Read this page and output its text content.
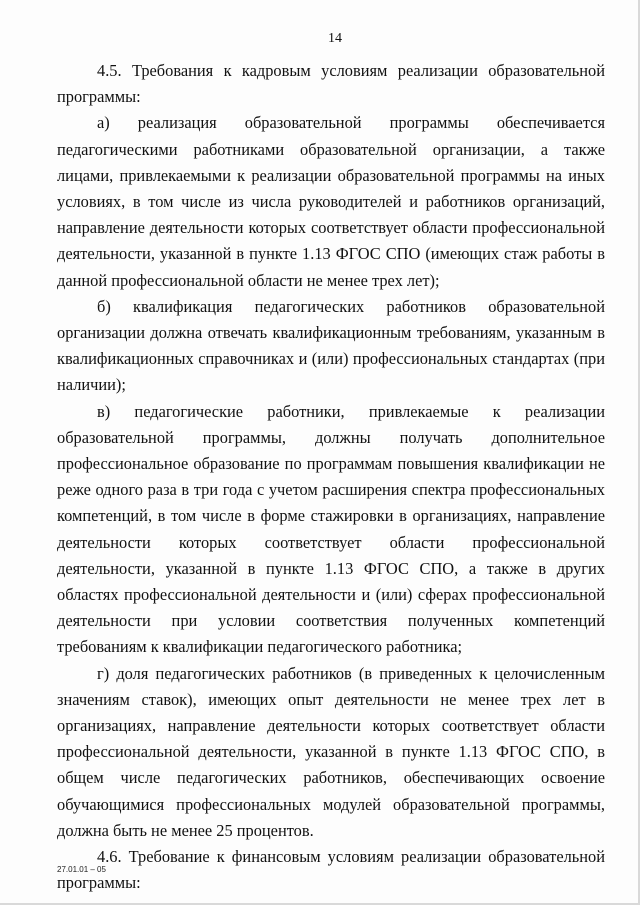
14

4.5. Требования к кадровым условиям реализации образовательной программы:

а) реализация образовательной программы обеспечивается педагогическими работниками образовательной организации, а также лицами, привлекаемыми к реализации образовательной программы на иных условиях, в том числе из числа руководителей и работников организаций, направление деятельности которых соответствует области профессиональной деятельности, указанной в пункте 1.13 ФГОС СПО (имеющих стаж работы в данной профессиональной области не менее трех лет);

б) квалификация педагогических работников образовательной организации должна отвечать квалификационным требованиям, указанным в квалификационных справочниках и (или) профессиональных стандартах (при наличии);

в) педагогические работники, привлекаемые к реализации образовательной программы, должны получать дополнительное профессиональное образование по программам повышения квалификации не реже одного раза в три года с учетом расширения спектра профессиональных компетенций, в том числе в форме стажировки в организациях, направление деятельности которых соответствует области профессиональной деятельности, указанной в пункте 1.13 ФГОС СПО, а также в других областях профессиональной деятельности и (или) сферах профессиональной деятельности при условии соответствия полученных компетенций требованиям к квалификации педагогического работника;

г) доля педагогических работников (в приведенных к целочисленным значениям ставок), имеющих опыт деятельности не менее трех лет в организациях, направление деятельности которых соответствует области профессиональной деятельности, указанной в пункте 1.13 ФГОС СПО, в общем числе педагогических работников, обеспечивающих освоение обучающимися профессиональных модулей образовательной программы, должна быть не менее 25 процентов.

4.6. Требование к финансовым условиям реализации образовательной программы:

27.01.01 – 05
